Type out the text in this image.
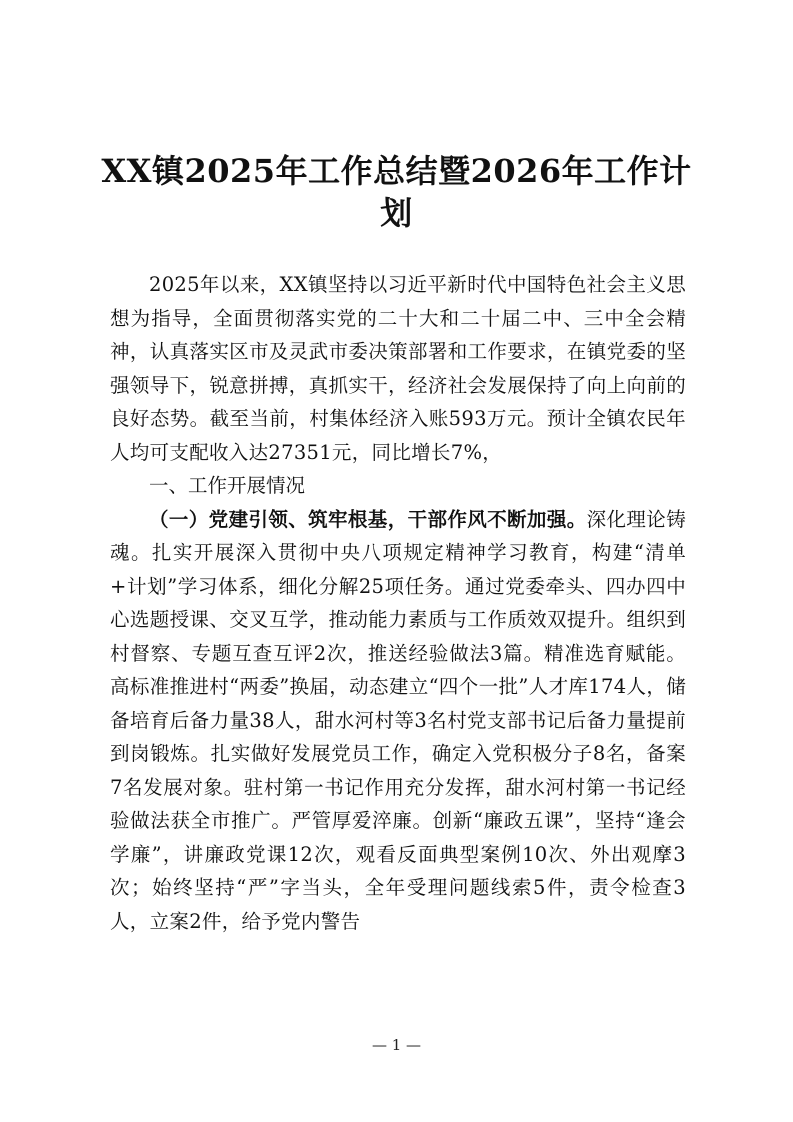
XX镇2025年工作总结暨2026年工作计划

2025年以来，XX镇坚持以习近平新时代中国特色社会主义思想为指导，全面贯彻落实党的二十大和二十届二中、三中全会精神，认真落实区市及灵武市委决策部署和工作要求，在镇党委的坚强领导下，锐意拼搏，真抓实干，经济社会发展保持了向上向前的良好态势。截至当前，村集体经济入账593万元。预计全镇农民年人均可支配收入达27351元，同比增长7%，

一、工作开展情况

（一）党建引领、筑牢根基，干部作风不断加强。深化理论铸魂。扎实开展深入贯彻中央八项规定精神学习教育，构建“清单+计划”学习体系，细化分解25项任务。通过党委牵头、四办四中心选题授课、交叉互学，推动能力素质与工作质效双提升。组织到村督察、专题互查互评2次，推送经验做法3篇。精准选育赋能。高标准推进村“两委”换届，动态建立“四个一批”人才库174人，储备培育后备力量38人，甜水河村等3名村党支部书记后备力量提前到岗锻炼。扎实做好发展党员工作，确定入党积极分子8名，备案7名发展对象。驻村第一书记作用充分发挥，甜水河村第一书记经验做法获全市推广。严管厚爱淬廉。创新“廉政五课”，坚持“逢会学廉”，讲廉政党课12次，观看反面典型案例10次、外出观摩3次；始终坚持“严”字当头，全年受理问题线索5件，责令检查3人，立案2件，给予党内警告

— 1 —
